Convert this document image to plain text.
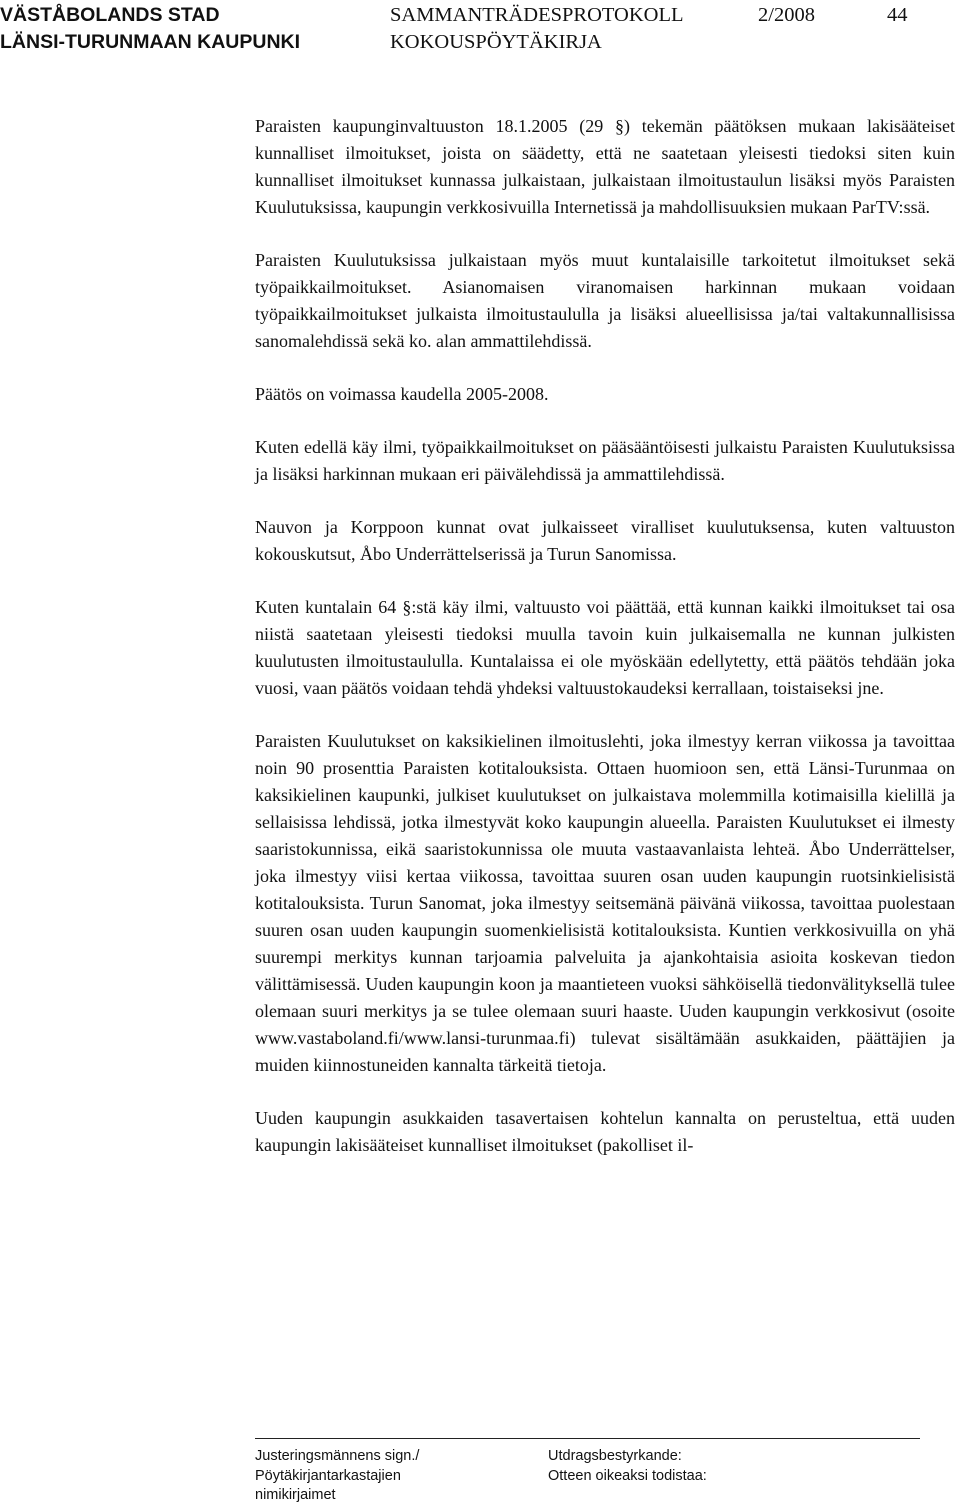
VÄSTÅBOLANDS STAD
LÄNSI-TURUNMAAN KAUPUNKI
SAMMANTRÄDESPROTOKOLL
KOKOUSPÖYTÄKIRJA
2/2008	44

Paraisten kaupunginvaltuuston 18.1.2005 (29 §) tekemän päätöksen mukaan lakisääteiset kunnalliset ilmoitukset, joista on säädetty, että ne saatetaan yleisesti tiedoksi siten kuin kunnalliset ilmoitukset kunnassa julkaistaan, julkaistaan ilmoitustaulun lisäksi myös Paraisten Kuulutuksissa, kaupungin verkkosivuilla Internetissä ja mahdollisuuksien mukaan ParTV:ssä.

Paraisten Kuulutuksissa julkaistaan myös muut kuntalaisille tarkoitetut ilmoitukset sekä työpaikkailmoitukset. Asianomaisen viranomaisen harkinnan mukaan voidaan työpaikkailmoitukset julkaista ilmoitustaululla ja lisäksi alueellisissa ja/tai valtakunnallisissa sanomalehdissä sekä ko. alan ammattilehdissä.

Päätös on voimassa kaudella 2005-2008.

Kuten edellä käy ilmi, työpaikkailmoitukset on pääsääntöisesti julkaistu Paraisten Kuulutuksissa ja lisäksi harkinnan mukaan eri päivälehdissä ja ammattilehdissä.

Nauvon ja Korppoon kunnat ovat julkaisseet viralliset kuulutuksensa, kuten valtuuston kokouskutsut, Åbo Underrättelserissä ja Turun Sanomissa.

Kuten kuntalain 64 §:stä käy ilmi, valtuusto voi päättää, että kunnan kaikki ilmoitukset tai osa niistä saatetaan yleisesti tiedoksi muulla tavoin kuin julkaisemalla ne kunnan julkisten kuulutusten ilmoitustaululla. Kuntalaissa ei ole myöskään edellytetty, että päätös tehdään joka vuosi, vaan päätös voidaan tehdä yhdeksi valtuustokaudeksi kerrallaan, toistaiseksi jne.

Paraisten Kuulutukset on kaksikielinen ilmoituslehti, joka ilmestyy kerran viikossa ja tavoittaa noin 90 prosenttia Paraisten kotitalouksista. Ottaen huomioon sen, että Länsi-Turunmaa on kaksikielinen kaupunki, julkiset kuulutukset on julkaistava molemmilla kotimaisilla kielillä ja sellaisissa lehdissä, jotka ilmestyvät koko kaupungin alueella. Paraisten Kuulutukset ei ilmesty saaristokunnissa, eikä saaristokunnissa ole muuta vastaavanlaista lehteä. Åbo Underrättelser, joka ilmestyy viisi kertaa viikossa, tavoittaa suuren osan uuden kaupungin ruotsinkielisistä kotitalouksista. Turun Sanomat, joka ilmestyy seitsemänä päivänä viikossa, tavoittaa puolestaan suuren osan uuden kaupungin suomenkielisistä kotitalouksista. Kuntien verkkosivuilla on yhä suurempi merkitys kunnan tarjoamia palveluita ja ajankohtaisia asioita koskevan tiedon välittämisessä. Uuden kaupungin koon ja maantieteen vuoksi sähköisellä tiedonvälityksellä tulee olemaan suuri merkitys ja se tulee olemaan suuri haaste. Uuden kaupungin verkkosivut (osoite www.vastaboland.fi/www.lansi-turunmaa.fi) tulevat sisältämään asukkaiden, päättäjien ja muiden kiinnostuneiden kannalta tärkeitä tietoja.

Uuden kaupungin asukkaiden tasavertaisen kohtelun kannalta on perusteltua, että uuden kaupungin lakisääteiset kunnalliset ilmoitukset (pakolliset il-

Justeringsmännens sign./
Pöytäkirjantarkastajien
nimikirjaimet
Utdragsbestyrkande:
Otteen oikeaksi todistaa:
